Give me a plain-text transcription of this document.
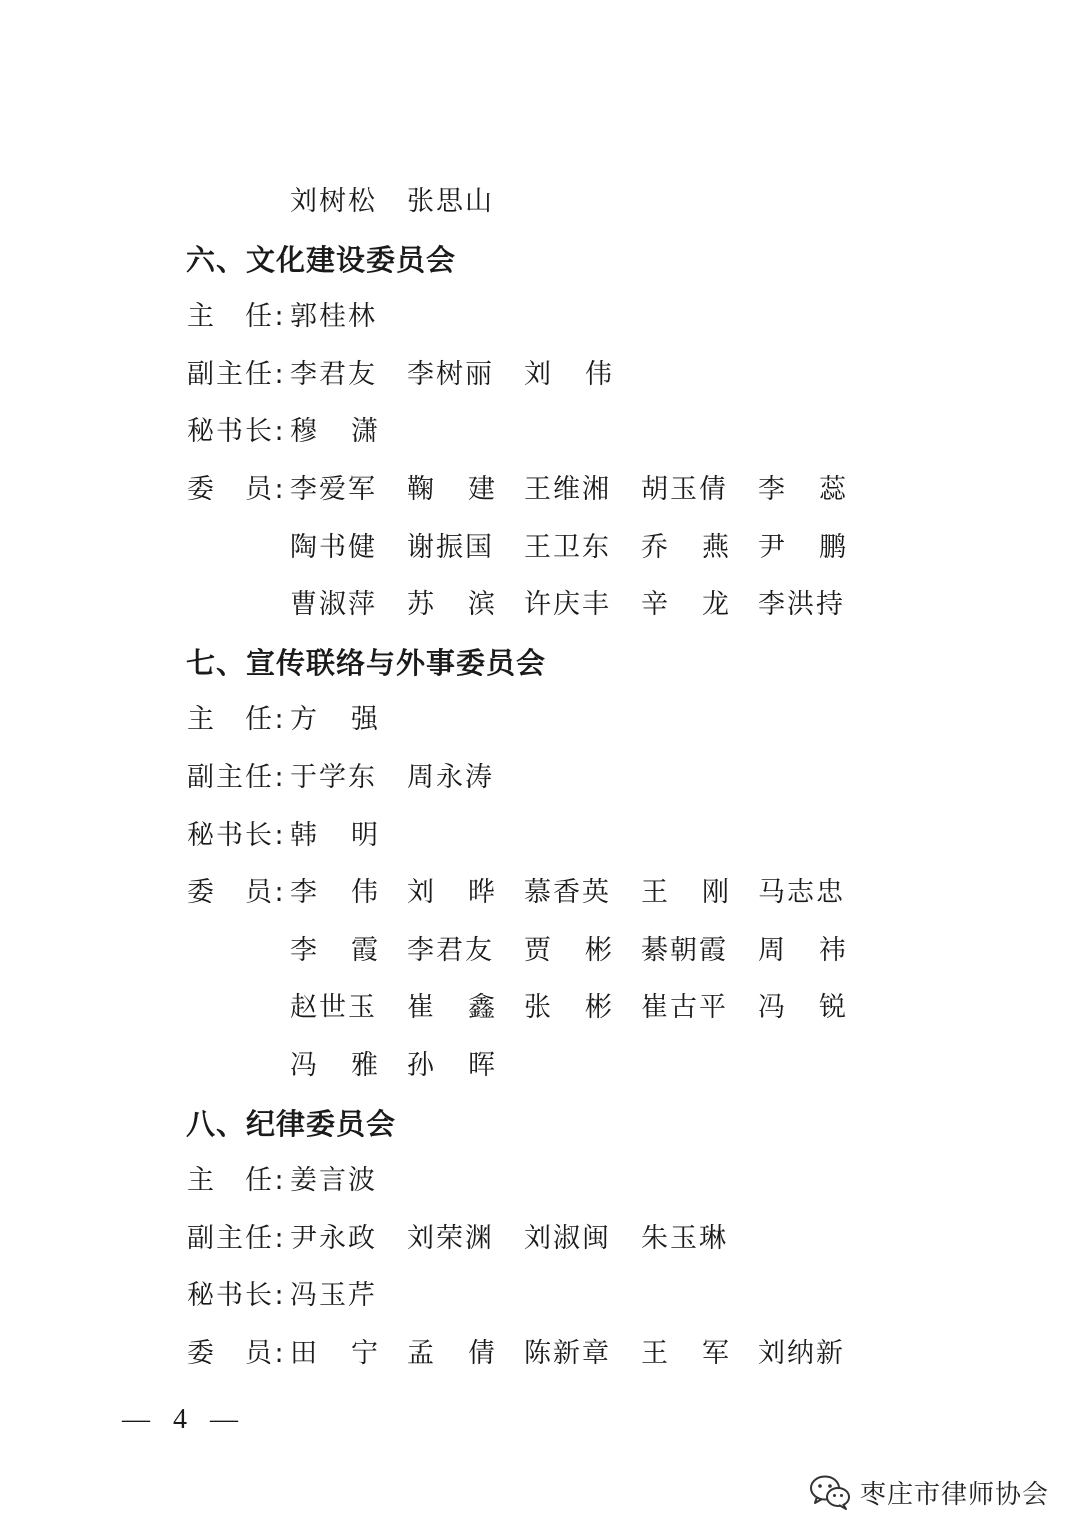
刘树松 张思山
六、文化建设委员会
主 任 : 郭桂林
副 主 任 : 李君友 李树丽 刘 伟
秘 书 长 : 穆 潇
委 员 : 李爱军 鞠 建 王维湘 胡玉倩 李 蕊
陶书健 谢振国 王卫东 乔 燕 尹 鹏
曹淑萍 苏 滨 许庆丰 辛 龙 李洪持
七、宣传联络与外事委员会
主 任 : 方 强
副 主 任 : 于学东 周永涛
秘 书 长 : 韩 明
委 员 : 李 伟 刘 晔 慕香英 王 刚 马志忠
李 霞 李君友 贾 彬 綦朝霞 周 祎
赵世玉 崔 鑫 张 彬 崔古平 冯 锐
冯 雅 孙 晖
八、纪律委员会
主 任 : 姜言波
副 主 任 : 尹永政 刘荣渊 刘淑闽 朱玉琳
秘 书 长 : 冯玉芹
委 员 : 田 宁 孟 倩 陈新章 王 军 刘纳新
— 4 —
枣庄市律师协会
